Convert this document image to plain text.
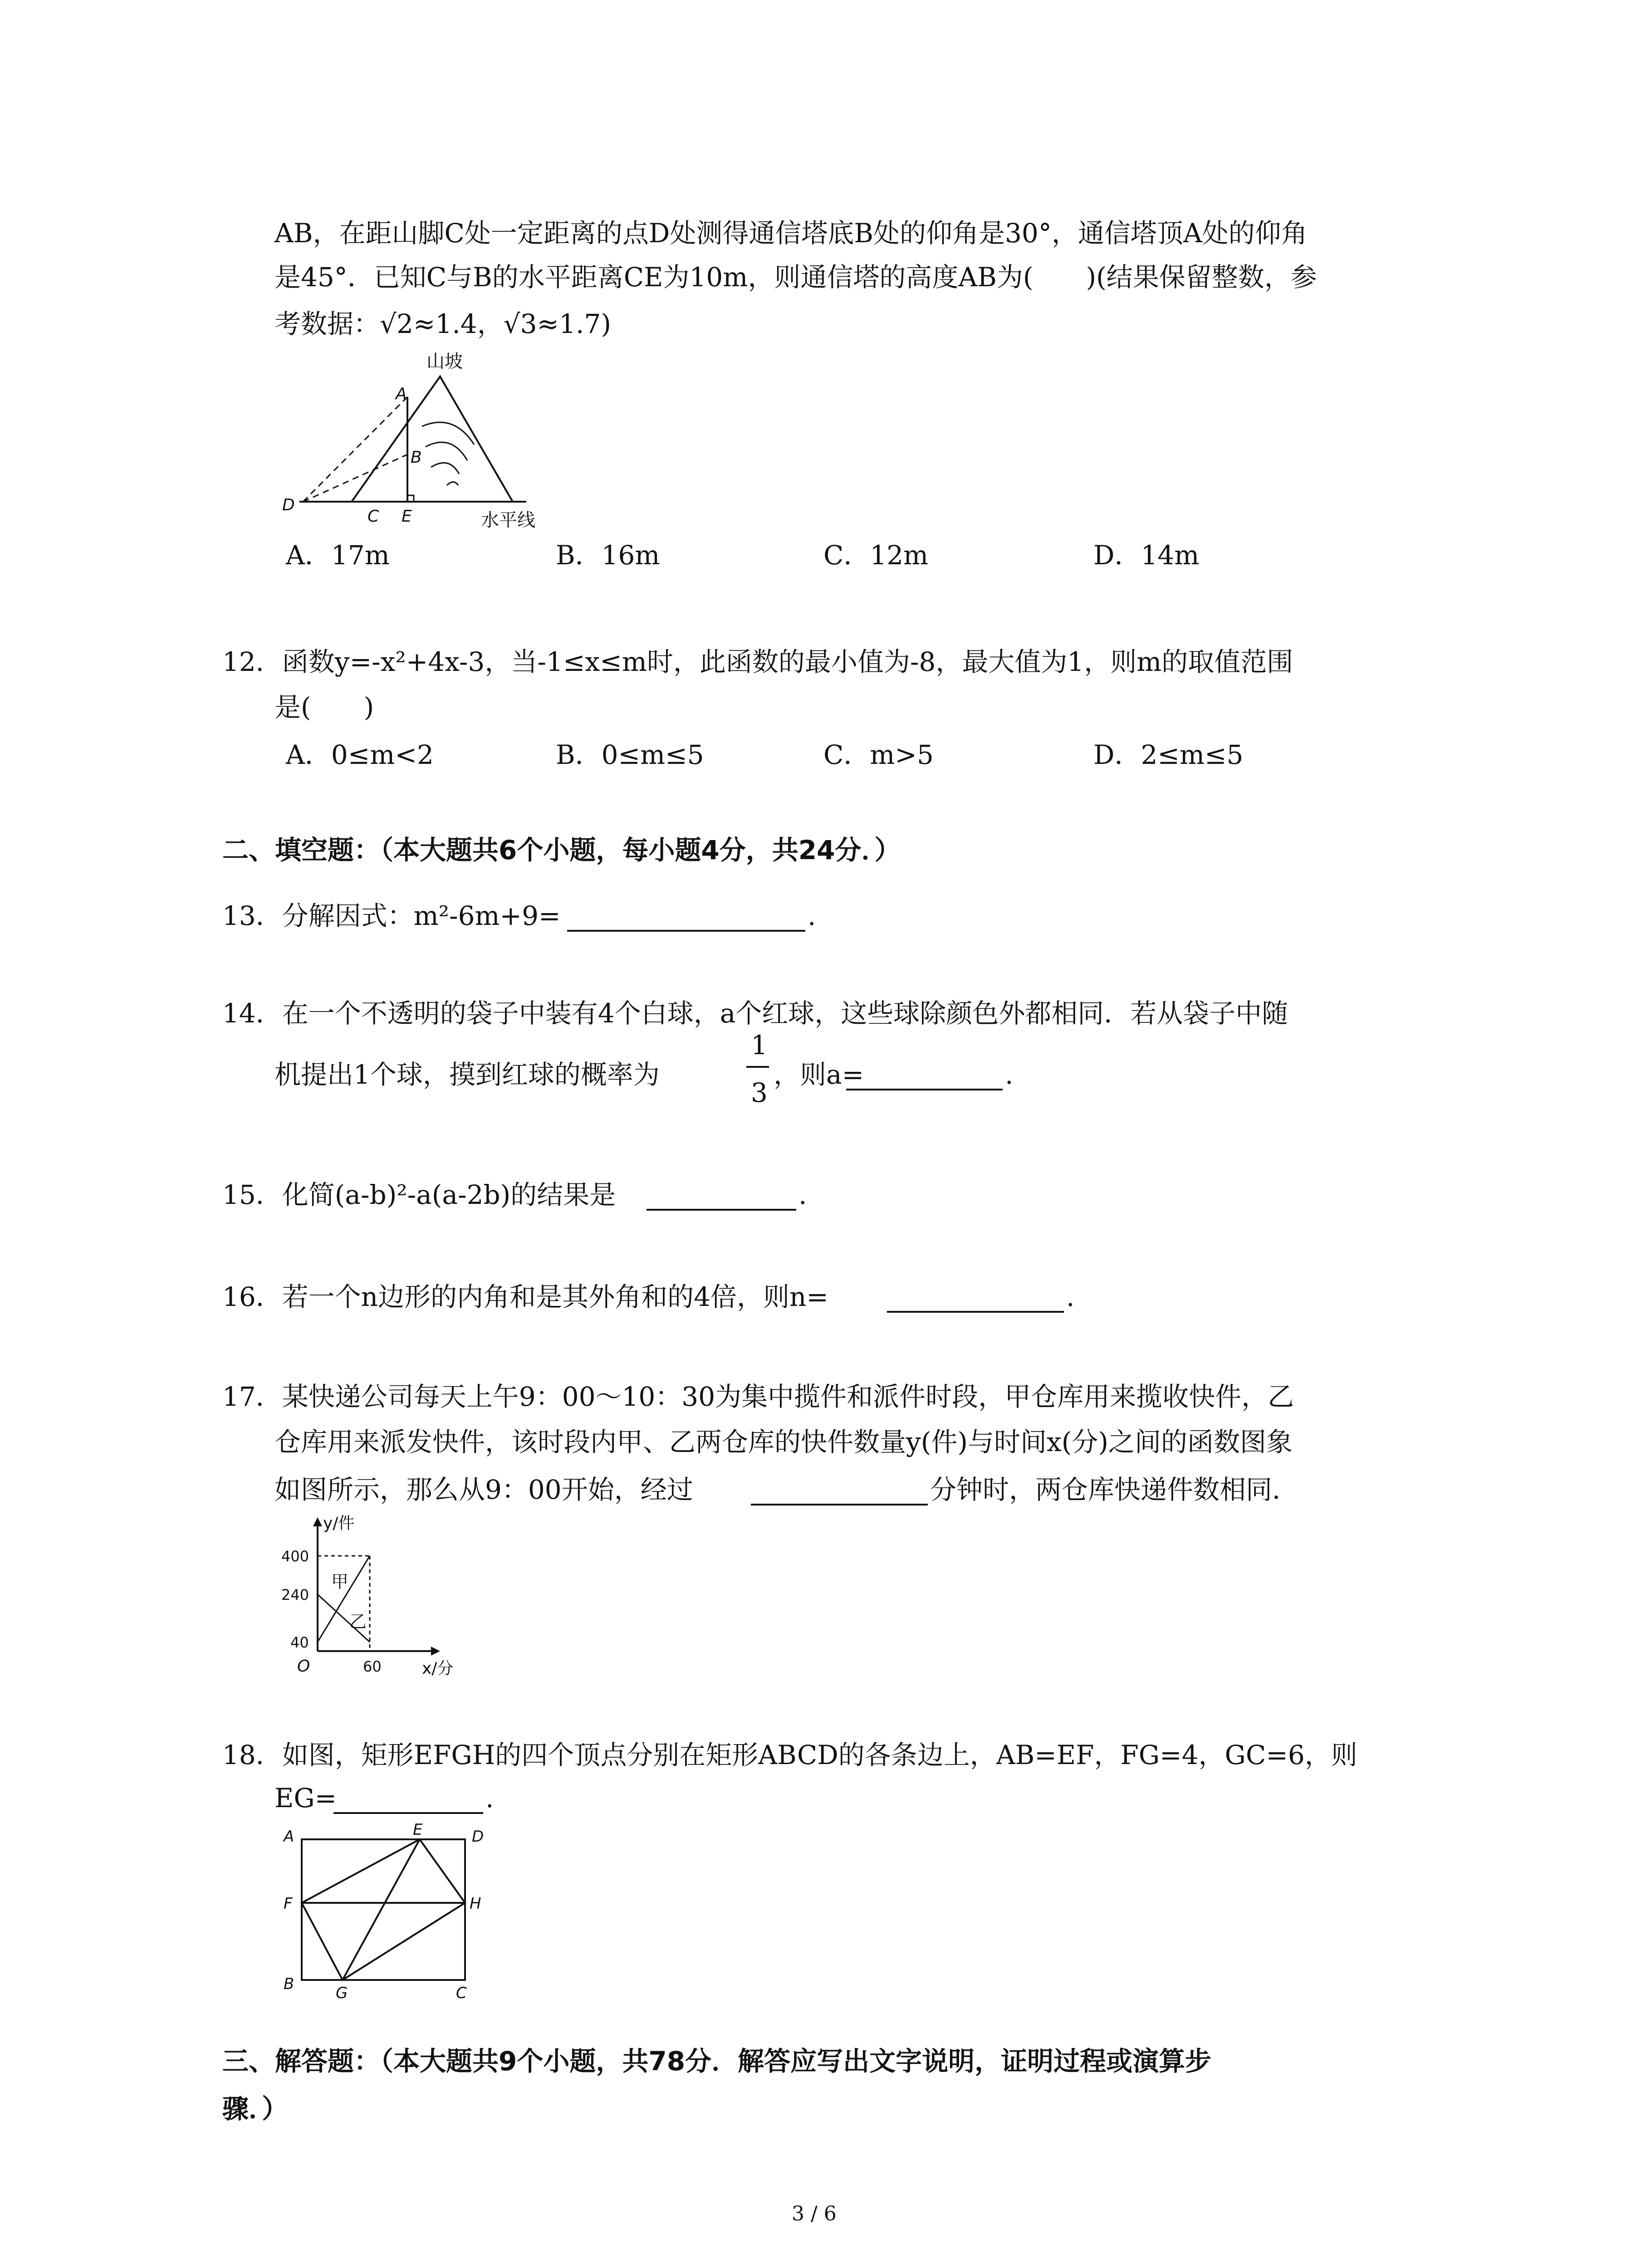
AB，在距山脚C处一定距离的点D处测得通信塔底B处的仰角是30°，通信塔顶A处的仰角
是45°．已知C与B的水平距离CE为10m，则通信塔的高度AB为(　　)(结果保留整数，参
考数据：√2≈1.4，√3≈1.7)
山坡
A
B
C
D
E	水平线
A．17m	B．16m	C．12m	D．14m
12．函数y=-x²+4x-3，当-1≤x≤m时，此函数的最小值为-8，最大值为1，则m的取值范围
是(　　)
A．0≤m<2	B．0≤m≤5	C．m>5	D．2≤m≤5
二、填空题：（本大题共6个小题，每小题4分，共24分．）
13．分解因式：m²-6m+9=	.
14．在一个不透明的袋子中装有4个白球，a个红球，这些球除颜色外都相同．若从袋子中随
机提出1个球，摸到红球的概率为
1
3
，则a=	.
15．化简(a-b)²-a(a-2b)的结果是	.
16．若一个n边形的内角和是其外角和的4倍，则n=	.
17．某快递公司每天上午9：00～10：30为集中揽件和派件时段，甲仓库用来揽收快件，乙
仓库用来派发快件，该时段内甲、乙两仓库的快件数量y(件)与时间x(分)之间的函数图象
如图所示，那么从9：00开始，经过	分钟时，两仓库快递件数相同．
y/件
x/分
O
400
240
40
60
甲
乙
18．如图，矩形EFGH的四个顶点分别在矩形ABCD的各条边上，AB=EF，FG=4，GC=6，则
EG=	.
A	D
B	C
E
F
G
H
三、解答题：（本大题共9个小题，共78分．解答应写出文字说明，证明过程或演算步
骤．）
3 / 6
